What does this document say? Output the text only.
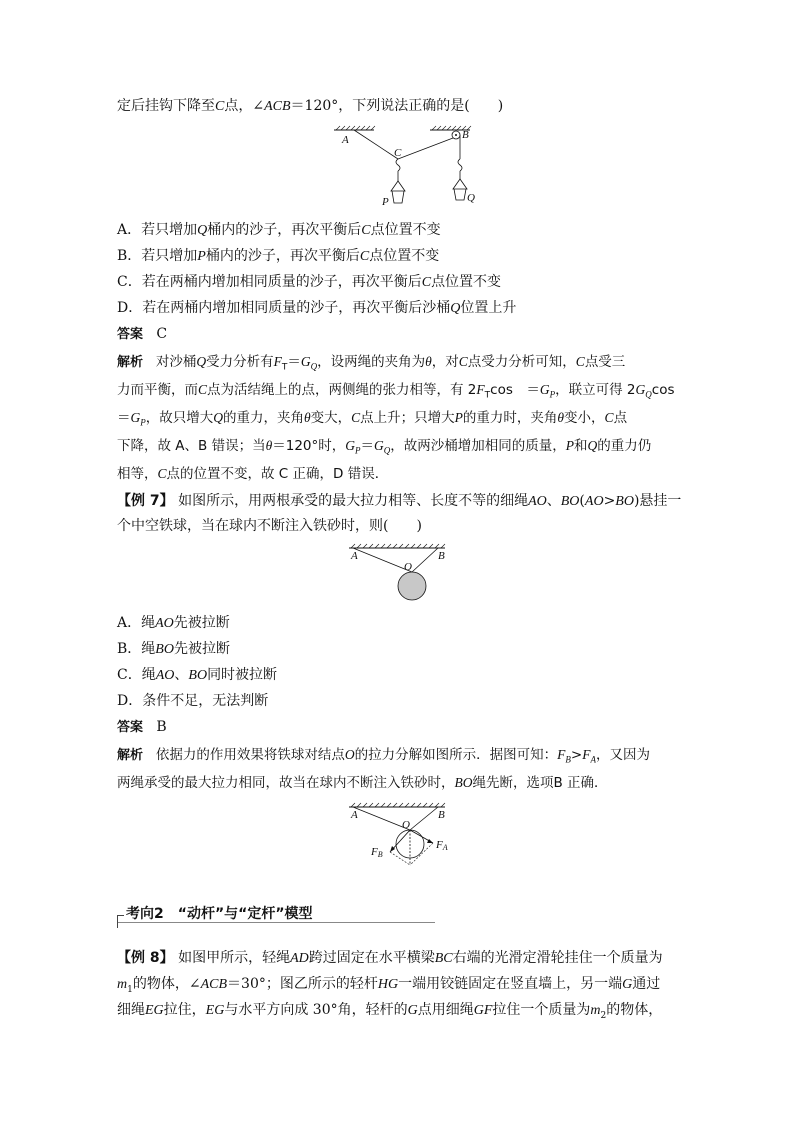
定后挂钩下降至C点，∠ACB＝120°，下列说法正确的是(　　)
A	B
C
P	Q
A．若只增加Q桶内的沙子，再次平衡后C点位置不变
B．若只增加P桶内的沙子，再次平衡后C点位置不变
C．若在两桶内增加相同质量的沙子，再次平衡后C点位置不变
D．若在两桶内增加相同质量的沙子，再次平衡后沙桶Q位置上升
答案 C
解析 对沙桶Q受力分析有$F_T=G_Q$，设两绳的夹角为θ，对C点受力分析可知，C点受三
力而平衡，而C点为活结绳上的点，两侧绳的张力相等，有 $2F_T\cos$　$=G_P$，联立可得 $2G_Q\cos$
$=G_P$，故只增大Q的重力，夹角θ变大，C点上升；只增大P的重力时，夹角θ变小，C点
下降，故 A、B 错误；当θ＝120°时，$G_P=G_Q$，故两沙桶增加相同的质量，P和Q的重力仍
相等，C点的位置不变，故 C 正确，D 错误．
【例 7】 如图所示，用两根承受的最大拉力相等、长度不等的细绳AO、BO(AO>BO)悬挂一
个中空铁球，当在球内不断注入铁砂时，则(　　)
A	B
O
A．绳AO先被拉断
B．绳BO先被拉断
C．绳AO、BO同时被拉断
D．条件不足，无法判断
答案 B
解析 依据力的作用效果将铁球对结点O的拉力分解如图所示．据图可知：$F_B>F_A$，又因为
两绳承受的最大拉力相同，故当在球内不断注入铁砂时，BO绳先断，选项B 正确．
A	B
O
FB
FA
考向2　“动杆”与“定杆”模型
【例 8】 如图甲所示，轻绳AD跨过固定在水平横梁BC右端的光滑定滑轮挂住一个质量为
$m_1$的物体，∠ACB＝30°；图乙所示的轻杆HG一端用铰链固定在竖直墙上，另一端G通过
细绳EG拉住，EG与水平方向成 30°角，轻杆的G点用细绳GF拉住一个质量为$m_2$的物体，
